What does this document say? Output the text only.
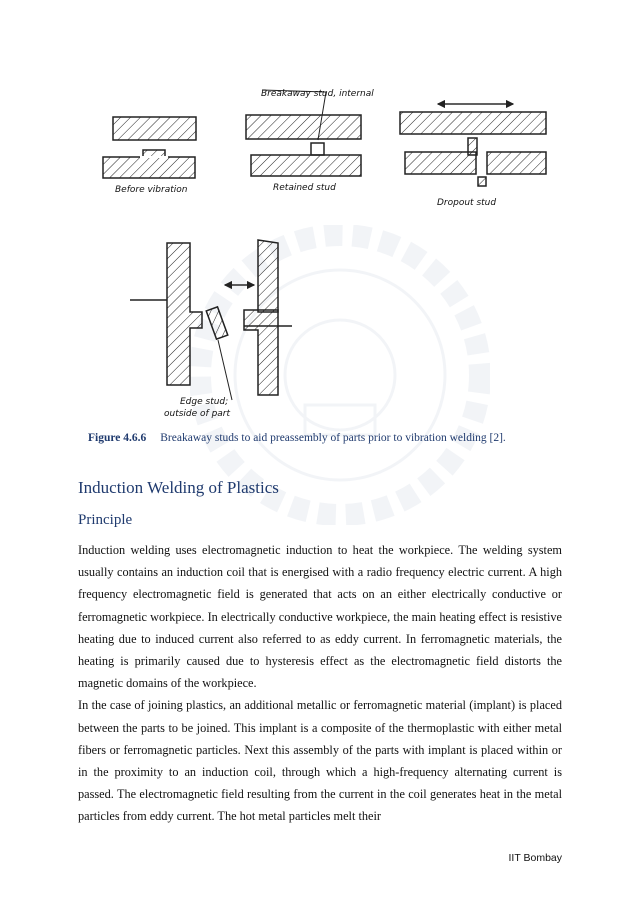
Breakaway stud, internal
Before vibration	Retained stud
Dropout stud
Edge stud;
outside of part
Figure 4.6.6 Breakaway studs to aid preassembly of parts prior to vibration welding [2].
Induction Welding of Plastics
Principle

Induction welding uses electromagnetic induction to heat the workpiece. The welding system usually contains an induction coil that is energised with a radio frequency electric current. A high frequency electromagnetic field is generated that acts on an either electrically conductive or ferromagnetic workpiece. In electrically conductive workpiece, the main heating effect is resistive heating due to induced current also referred to as eddy current. In ferromagnetic materials, the heating is primarily caused due to hysteresis effect as the electromagnetic field distorts the magnetic domains of the workpiece.

In the case of joining plastics, an additional metallic or ferromagnetic material (implant) is placed between the parts to be joined. This implant is a composite of the thermoplastic with either metal fibers or ferromagnetic particles. Next this assembly of the parts with implant is placed within or in the proximity to an induction coil, through which a high-frequency alternating current is passed. The electromagnetic field resulting from the current in the coil generates heat in the metal particles from eddy current. The hot metal particles melt their

IIT Bombay
